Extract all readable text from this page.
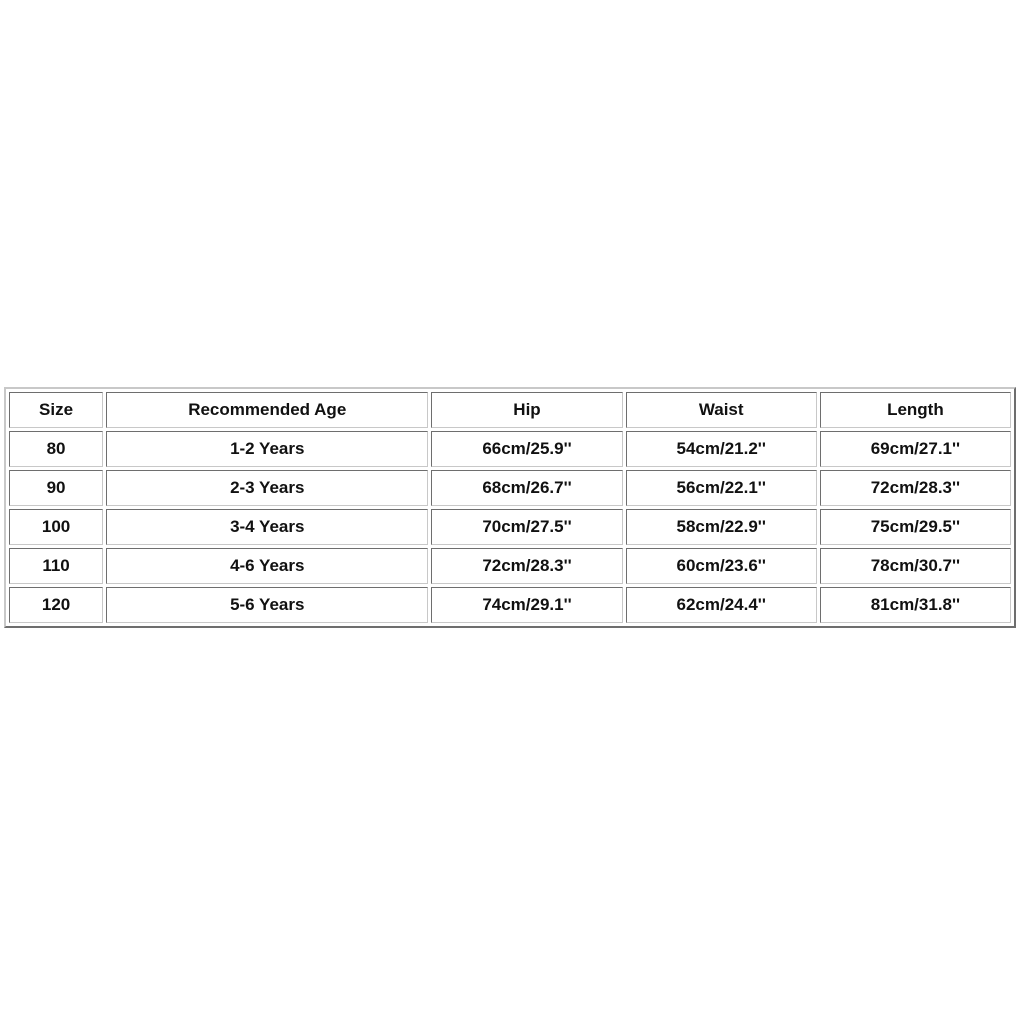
Size	Recommended Age	Hip	Waist	Length
80	1-2 Years	66cm/25.9''	54cm/21.2''	69cm/27.1''
90	2-3 Years	68cm/26.7''	56cm/22.1''	72cm/28.3''
100	3-4 Years	70cm/27.5''	58cm/22.9''	75cm/29.5''
110	4-6 Years	72cm/28.3''	60cm/23.6''	78cm/30.7''
120	5-6 Years	74cm/29.1''	62cm/24.4''	81cm/31.8''
